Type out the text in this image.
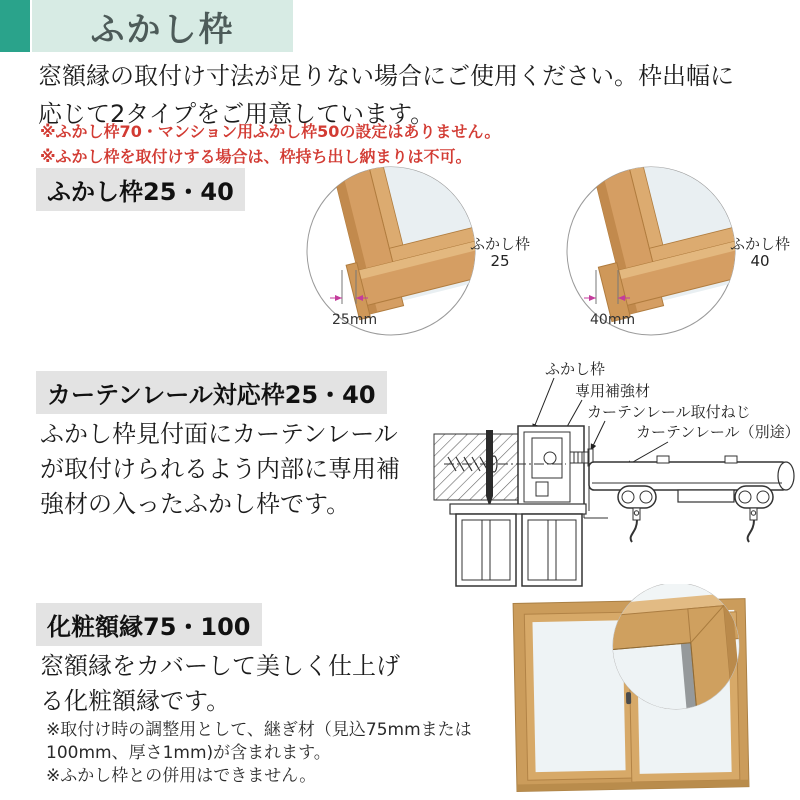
ふかし枠
窓額縁の取付け寸法が足りない場合にご使用ください。枠出幅に
応じて2タイプをご用意しています。
※ふかし枠70・マンション用ふかし枠50の設定はありません。
※ふかし枠を取付けする場合は、枠持ち出し納まりは不可。
ふかし枠25・40
25mm
ふかし枠
25
40mm
ふかし枠
40
カーテンレール対応枠25・40
ふかし枠見付面にカーテンレール
が取付けられるよう内部に専用補
強材の入ったふかし枠です。
ふかし枠
専用補強材
カーテンレール取付ねじ
カーテンレール（別途）
化粧額縁75・100
窓額縁をカバーして美しく仕上げ
る化粧額縁です。
※取付け時の調整用として、継ぎ材（見込75mmまたは
100mm、厚さ1mm)が含まれます。
※ふかし枠との併用はできません。
